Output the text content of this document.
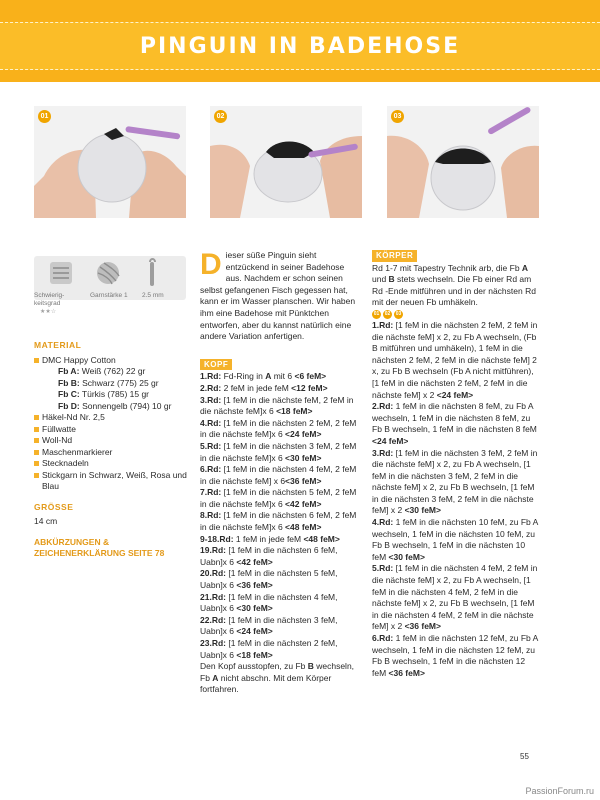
PINGUIN IN BADEHOSE
01	02	03
Schwierig-
keitsgrad
★★☆
Garnstärke 1 2.5 mm
MATERIAL
DMC Happy Cotton
Fb A: Weiß (762) 22 gr
Fb B: Schwarz (775) 25 gr
Fb C: Türkis (785) 15 gr
Fb D: Sonnengelb (794) 10 gr
Häkel-Nd Nr. 2,5
Füllwatte
Woll-Nd
Maschenmarkierer
Stecknadeln
Stickgarn in Schwarz, Weiß, Rosa und Blau
GRÖSSE
14 cm
ABKÜRZUNGEN &
ZEICHENERKLÄRUNG SEITE 78
Dieser süße Pinguin sieht entzückend in seiner Badehose aus. Nachdem er schon seinen selbst gefangenen Fisch gegessen hat, kann er im Wasser planschen. Wir haben ihm eine Badehose mit Pünktchen entworfen, aber du kannst natürlich eine andere Variation anfertigen.
KOPF

1.Rd: Fd-Ring in A mit 6 <6 feM>

2.Rd: 2 feM in jede feM <12 feM>

3.Rd: [1 feM in die nächste feM, 2 feM in die nächste feM]x 6 <18 feM>

4.Rd: [1 feM in die nächsten 2 feM, 2 feM in die nächste feM]x 6 <24 feM>

5.Rd: [1 feM in die nächsten 3 feM, 2 feM in die nächste feM]x 6 <30 feM>

6.Rd: [1 feM in die nächsten 4 feM, 2 feM in die nächste feM] x 6<36 feM>

7.Rd: [1 feM in die nächsten 5 feM, 2 feM in die nächste feM]x 6 <42 feM>

8.Rd: [1 feM in die nächsten 6 feM, 2 feM in die nächste feM]x 6 <48 feM>

9-18.Rd: 1 feM in jede feM <48 feM>

19.Rd: [1 feM in die nächsten 6 feM, Uabn]x 6 <42 feM>

20.Rd: [1 feM in die nächsten 5 feM, Uabn]x 6 <36 feM>

21.Rd: [1 feM in die nächsten 4 feM, Uabn]x 6 <30 feM>

22.Rd: [1 feM in die nächsten 3 feM, Uabn]x 6 <24 feM>

23.Rd: [1 feM in die nächsten 2 feM, Uabn]x 6 <18 feM>

Den Kopf ausstopfen, zu Fb B wechseln, Fb A nicht abschn. Mit dem Körper fortfahren.

KÖRPER

Rd 1-7 mit Tapestry Technik arb, die Fb A und B stets wechseln. Die Fb einer Rd am Rd -Ende mitführen und in der nächsten Rd mit der neuen Fb umhäkeln.

01	02	03

1.Rd: [1 feM in die nächsten 2 feM, 2 feM in die nächste feM] x 2, zu Fb A wechseln, (Fb B mitführen und umhäkeln), 1 feM in die nächsten 2 feM, 2 feM in die nächste feM] 2 x, zu Fb B wechseln (Fb A nicht mitführen), [1 feM in die nächsten 2 feM, 2 feM in die nächste feM] x 2 <24 feM>

2.Rd: 1 feM in die nächsten 8 feM, zu Fb A wechseln, 1 feM in die nächsten 8 feM, zu Fb B wechseln, 1 feM in die nächsten 8 feM <24 feM>

3.Rd: [1 feM in die nächsten 3 feM, 2 feM in die nächste feM] x 2, zu Fb A wechseln, [1 feM in die nächsten 3 feM, 2 feM in die nächste feM] x 2, zu Fb B wechseln, [1 feM in die nächsten 3 feM, 2 feM in die nächste feM] x 2 <30 feM>

4.Rd: 1 feM in die nächsten 10 feM, zu Fb A wechseln, 1 feM in die nächsten 10 feM, zu Fb B wechseln, 1 feM in die nächsten 10 feM <30 feM>

5.Rd: [1 feM in die nächsten 4 feM, 2 feM in die nächste feM] x 2, zu Fb A wechseln, [1 feM in die nächsten 4 feM, 2 feM in die nächste feM] x 2, zu Fb B wechseln, [1 feM in die nächsten 4 feM, 2 feM in die nächste feM] x 2 <36 feM>

6.Rd: 1 feM in die nächsten 12 feM, zu Fb A wechseln, 1 feM in die nächsten 12 feM, zu Fb B wechseln, 1 feM in die nächsten 12 feM <36 feM>

55
PassionForum.ru
